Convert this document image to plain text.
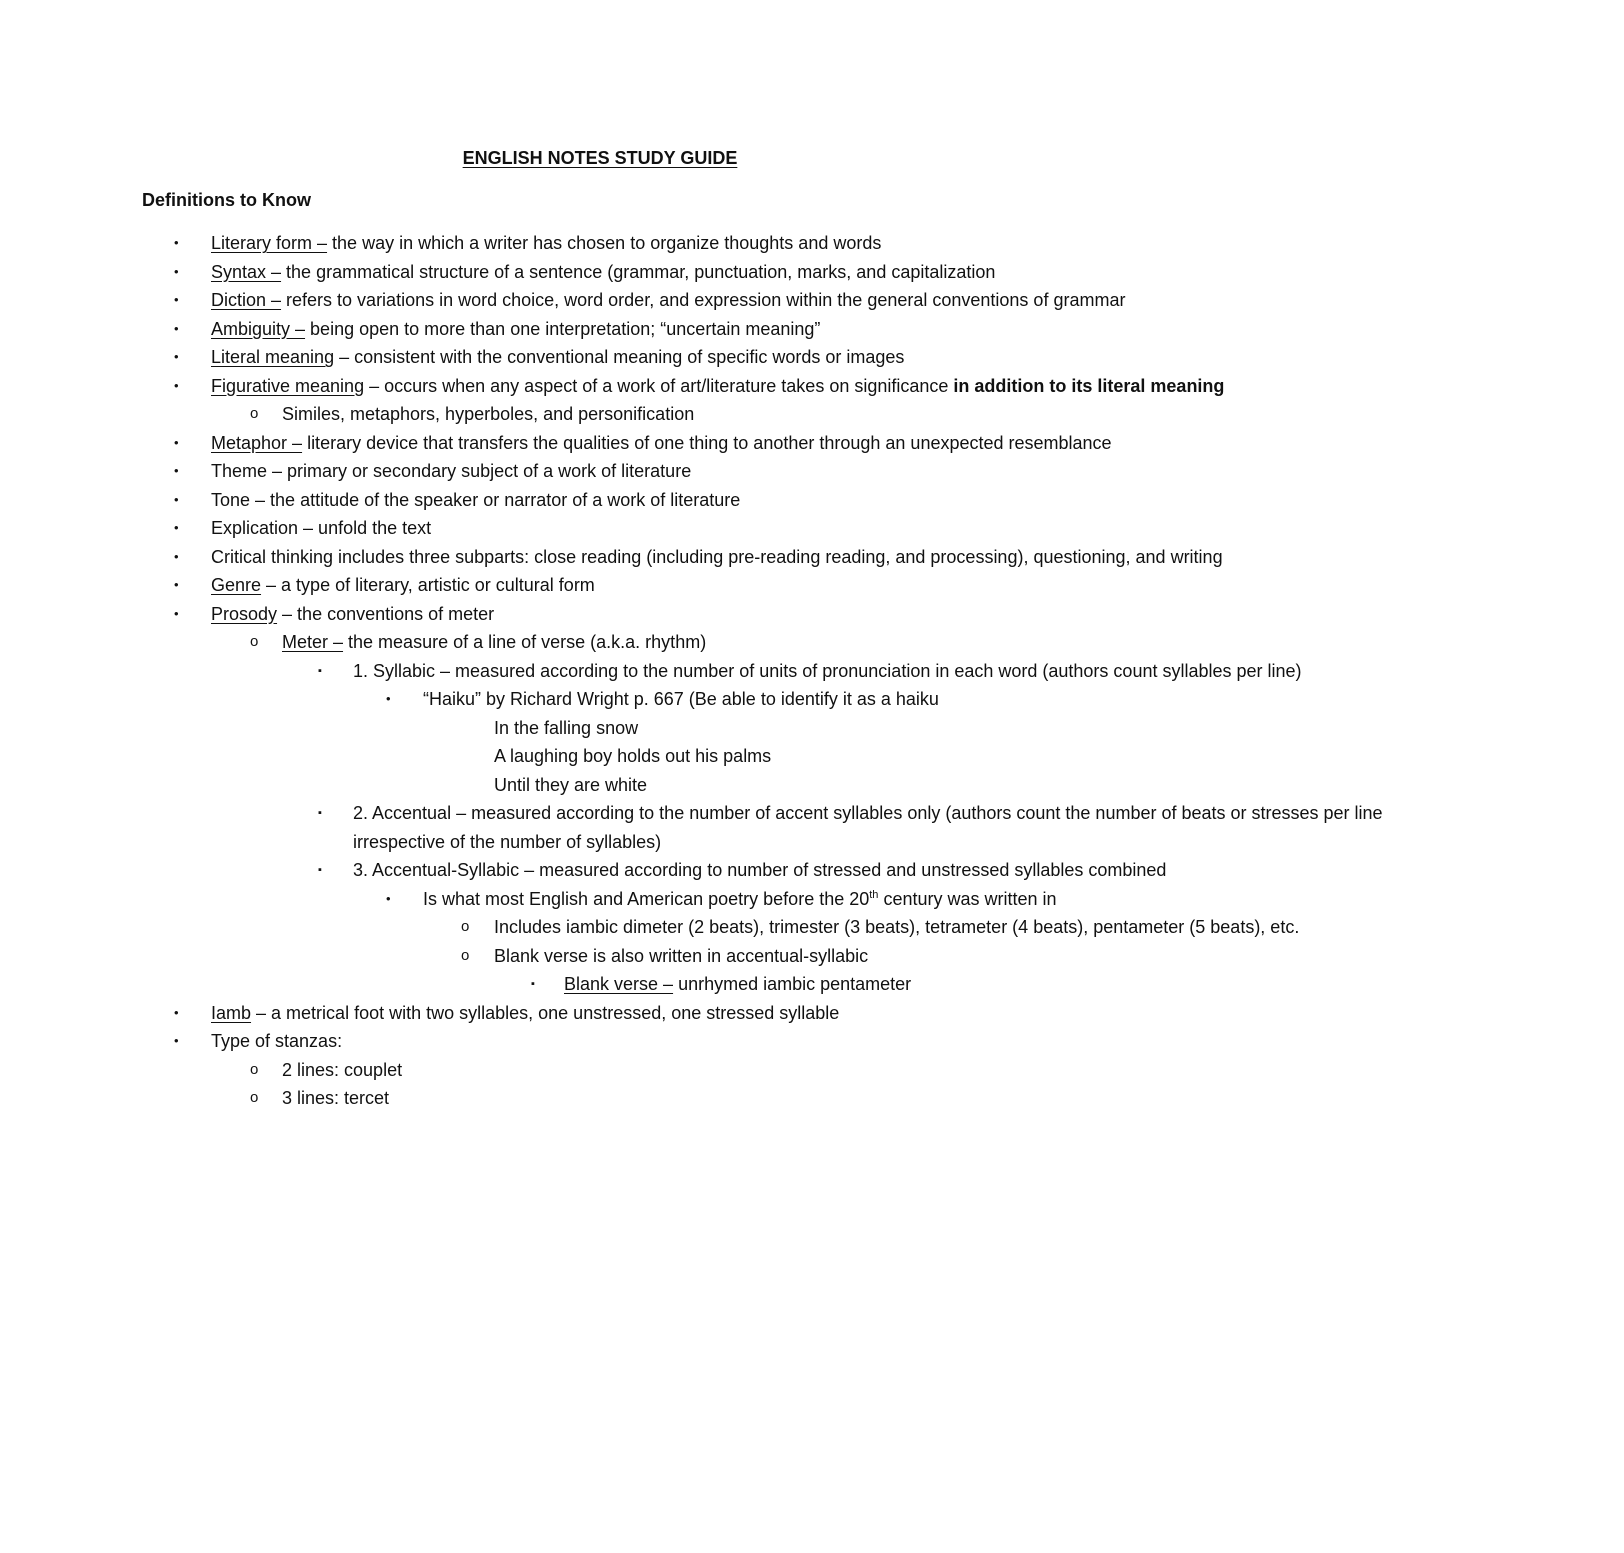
ENGLISH NOTES STUDY GUIDE
Definitions to Know
• Literary form – the way in which a writer has chosen to organize thoughts and words
• Syntax – the grammatical structure of a sentence (grammar, punctuation, marks, and capitalization
• Diction – refers to variations in word choice, word order, and expression within the general conventions of grammar
• Ambiguity – being open to more than one interpretation; “uncertain meaning”
• Literal meaning – consistent with the conventional meaning of specific words or images
• Figurative meaning – occurs when any aspect of a work of art/literature takes on significance in addition to its literal meaning
o Similes, metaphors, hyperboles, and personification
• Metaphor – literary device that transfers the qualities of one thing to another through an unexpected resemblance
• Theme – primary or secondary subject of a work of literature
• Tone – the attitude of the speaker or narrator of a work of literature
• Explication – unfold the text
• Critical thinking includes three subparts: close reading (including pre-reading reading, and processing), questioning, and writing
• Genre – a type of literary, artistic or cultural form
• Prosody – the conventions of meter
o Meter – the measure of a line of verse (a.k.a. rhythm)
▪ 1. Syllabic – measured according to the number of units of pronunciation in each word (authors count syllables per line)
• “Haiku” by Richard Wright p. 667 (Be able to identify it as a haiku
In the falling snow
A laughing boy holds out his palms
Until they are white
▪ 2. Accentual – measured according to the number of accent syllables only (authors count the number of beats or stresses per line irrespective of the number of syllables)
▪ 3. Accentual-Syllabic – measured according to number of stressed and unstressed syllables combined
• Is what most English and American poetry before the 20th century was written in
o Includes iambic dimeter (2 beats), trimester (3 beats), tetrameter (4 beats), pentameter (5 beats), etc.
o Blank verse is also written in accentual-syllabic
▪ Blank verse – unrhymed iambic pentameter
• Iamb – a metrical foot with two syllables, one unstressed, one stressed syllable
• Type of stanzas:
o 2 lines: couplet
o 3 lines: tercet
